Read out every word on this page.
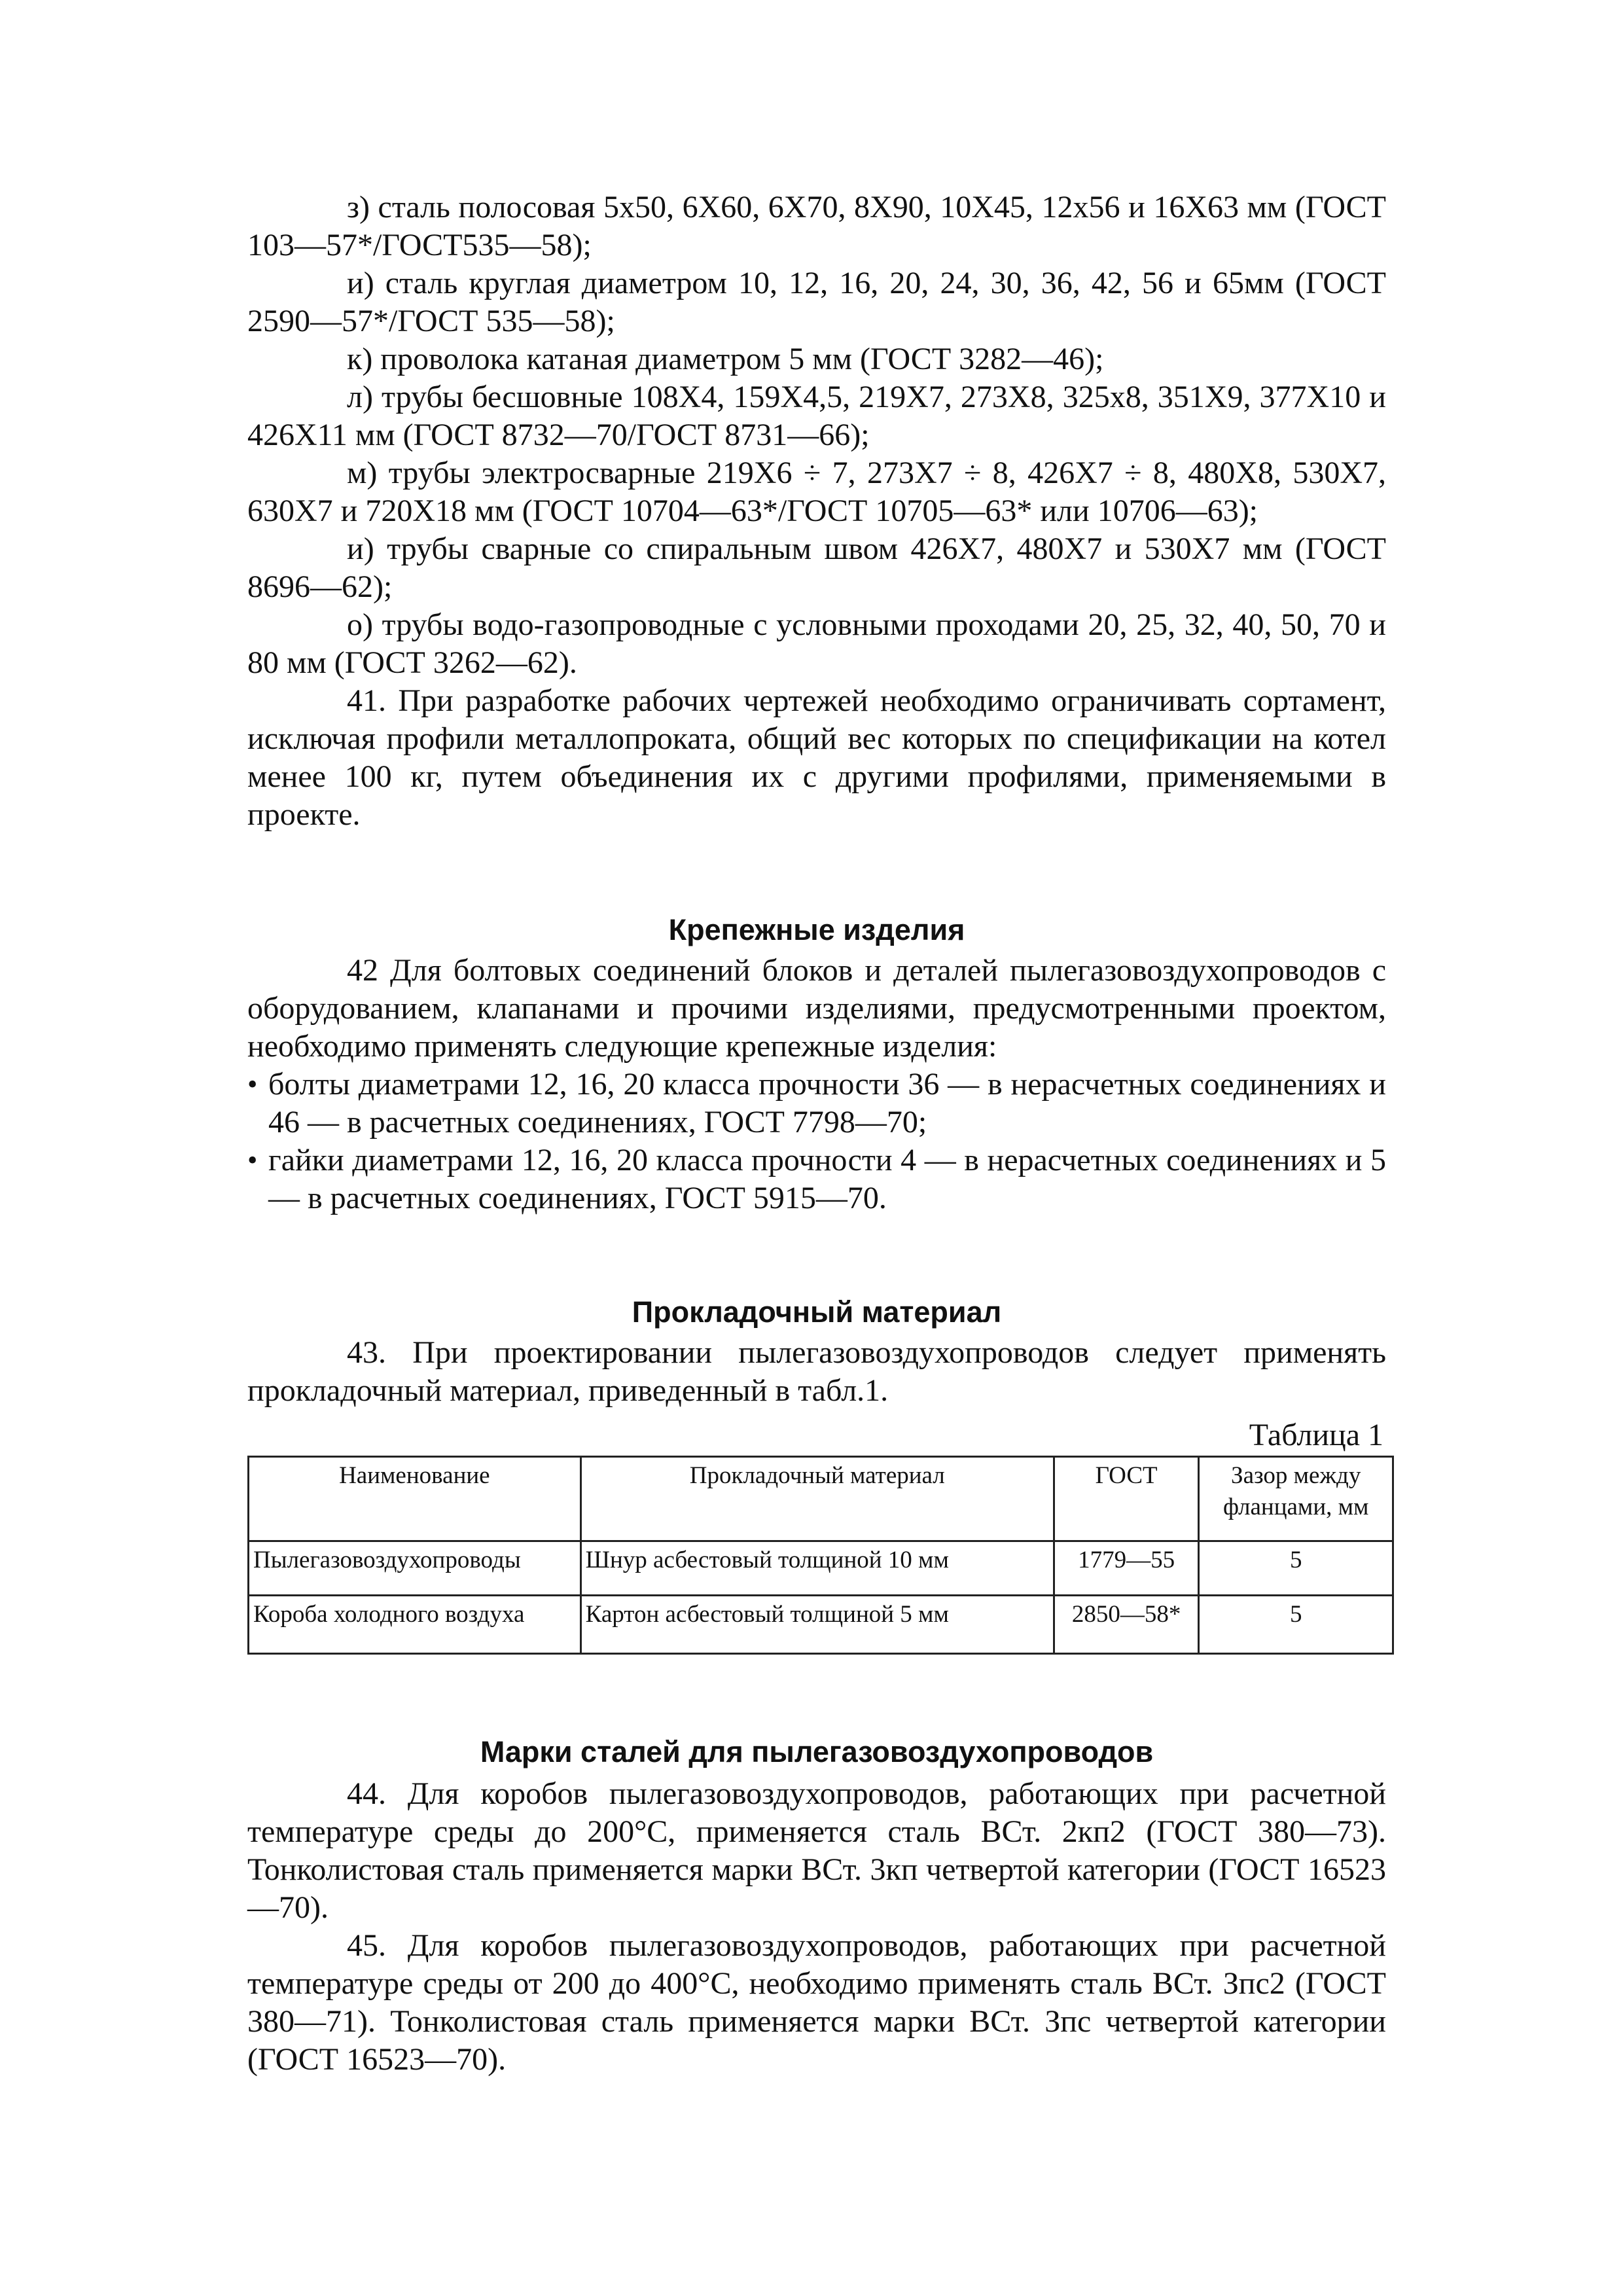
з) сталь полосовая 5х50, 6Х60, 6Х70, 8Х90, 10Х45, 12х56 и 16Х63 мм (ГОСТ 103—57*/ГОСТ535—58);

и) сталь круглая диаметром 10, 12, 16, 20, 24, 30, 36, 42, 56 и 65мм (ГОСТ 2590—57*/ГОСТ 535—58);

к) проволока катаная диаметром 5 мм (ГОСТ 3282—46);

л) трубы бесшовные 108Х4, 159Х4,5, 219Х7, 273Х8, 325х8, 351Х9, 377Х10 и 426Х11 мм (ГОСТ 8732—70/ГОСТ 8731—66);

м) трубы электросварные 219Х6 ÷ 7, 273Х7 ÷ 8, 426Х7 ÷ 8, 480Х8, 530Х7, 630Х7 и 720Х18 мм (ГОСТ 10704—63*/ГОСТ 10705—63* или 10706—63);

и) трубы сварные со спиральным швом 426Х7, 480Х7 и 530Х7 мм (ГОСТ 8696—62);

о) трубы водо-газопроводные с условными проходами 20, 25, 32, 40, 50, 70 и 80 мм (ГОСТ 3262—62).

41. При разработке рабочих чертежей необходимо ограничивать сортамент, исключая профили металлопроката, общий вес которых по спецификации на котел менее 100 кг, путем объединения их с другими профилями, применяемыми в проекте.

Крепежные изделия

42 Для болтовых соединений блоков и деталей пылегазовоздухопроводов с оборудованием, клапанами и прочими изделиями, предусмотренными проектом, необходимо применять следующие крепежные изделия:

• болты диаметрами 12, 16, 20 класса прочности 36 — в нерасчетных соединениях и 46 — в расчетных соединениях, ГОСТ 7798—70;
• гайки диаметрами 12, 16, 20 класса прочности 4 — в нерасчетных соединениях и 5 — в расчетных соединениях, ГОСТ 5915—70.
Прокладочный материал

43. При проектировании пылегазовоздухопроводов следует применять прокладочный материал, приведенный в табл.1.

Таблица 1
Наименование	Прокладочный материал	ГОСТ	Зазор между фланцами, мм
Пылегазовоздухопроводы	Шнур асбестовый толщиной 10 мм	1779—55	5
Короба холодного воздуха	Картон асбестовый толщиной 5 мм	2850—58*	5
Марки сталей для пылегазовоздухопроводов

44. Для коробов пылегазовоздухопроводов, работающих при расчетной температуре среды до 200°С, применяется сталь ВСт. 2кп2 (ГОСТ 380—73). Тонколистовая сталь применяется марки ВСт. 3кп четвертой категории (ГОСТ 16523—70).

45. Для коробов пылегазовоздухопроводов, работающих при расчетной температуре среды от 200 до 400°С, необходимо применять сталь ВСт. Зпс2 (ГОСТ 380—71). Тонколистовая сталь применяется марки ВСт. Зпс четвертой категории (ГОСТ 16523—70).
